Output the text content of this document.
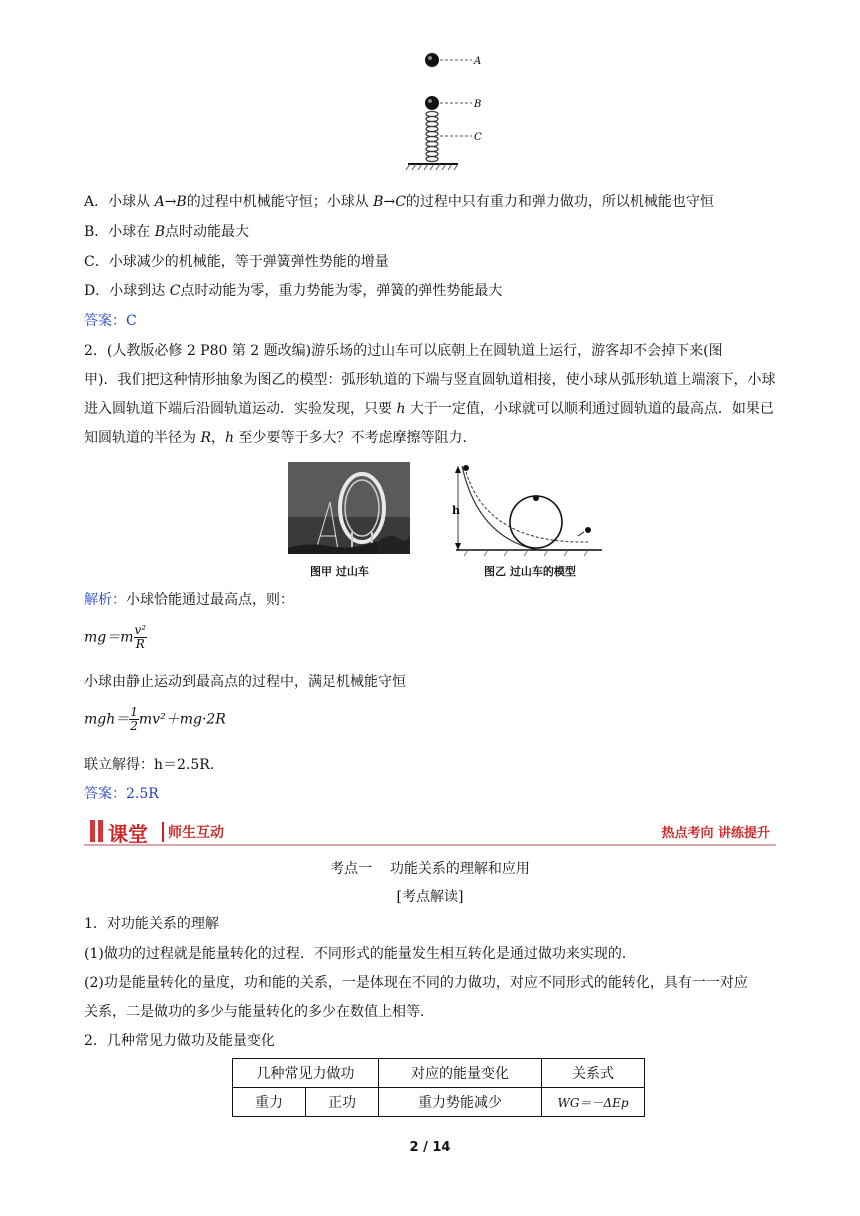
A
B
C
A．小球从 A→B的过程中机械能守恒；小球从 B→C的过程中只有重力和弹力做功，所以机械能也守恒
B．小球在 B点时动能最大
C．小球减少的机械能，等于弹簧弹性势能的增量
D．小球到达 C点时动能为零，重力势能为零，弹簧的弹性势能最大
答案：C
2．(人教版必修 2 P80 第 2 题改编)游乐场的过山车可以底朝上在圆轨道上运行，游客却不会掉下来(图
甲)．我们把这种情形抽象为图乙的模型：弧形轨道的下端与竖直圆轨道相接，使小球从弧形轨道上端滚下，小球
进入圆轨道下端后沿圆轨道运动．实验发现，只要 h 大于一定值，小球就可以顺利通过圆轨道的最高点．如果已
知圆轨道的半径为 R，h 至少要等于多大？不考虑摩擦等阻力．
图甲 过山车
h
图乙 过山车的模型
解析：小球恰能通过最高点，则：
$mg=m \frac{\text{v²}}{R}$
小球由静止运动到最高点的过程中，满足机械能守恒
$mgh= \frac{1}{2} mv^2+mg\cdot 2R$
联立解得：h＝2.5R.
答案：2.5R
课堂	师生互动	热点考向 讲练提升
考点一    功能关系的理解和应用
[考点解读]
1．对功能关系的理解
(1)做功的过程就是能量转化的过程．不同形式的能量发生相互转化是通过做功来实现的．
(2)功是能量转化的量度，功和能的关系，一是体现在不同的力做功，对应不同形式的能转化，具有一一对应
关系，二是做功的多少与能量转化的多少在数值上相等．
2．几种常见力做功及能量变化
几种常见力做功		对应的能量变化	关系式
重力	正功	重力势能减少	WG＝－ΔEp
2 / 14
